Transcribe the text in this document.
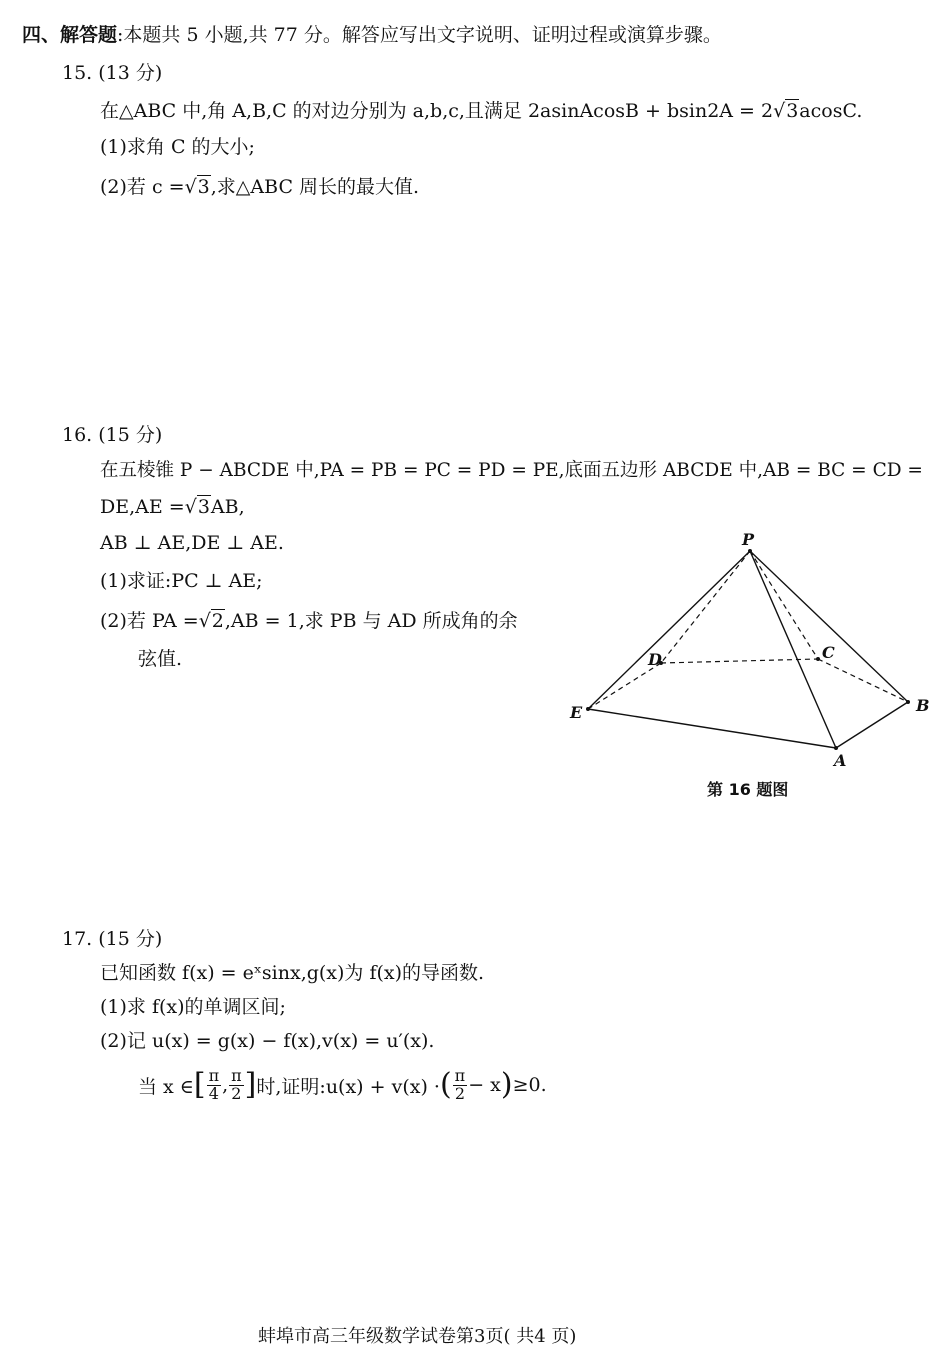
四、解答题:本题共 5 小题,共 77 分。解答应写出文字说明、证明过程或演算步骤。
15. (13 分)
在△ABC 中,角 A,B,C 的对边分别为 a,b,c,且满足 2asinAcosB + bsin2A = 2√3acosC.
(1)求角 C 的大小;
(2)若 c =√3,求△ABC 周长的最大值.
16. (15 分)
在五棱锥 P − ABCDE 中,PA = PB = PC = PD = PE,底面五边形 ABCDE 中,AB = BC = CD =
DE,AE =√3AB,
AB ⊥ AE,DE ⊥ AE.
(1)求证:PC ⊥ AE;
(2)若 PA =√2,AB = 1,求 PB 与 AD 所成角的余
弦值.
P
E
A
B
C
D
第 16 题图
17. (15 分)
已知函数 f(x) = eˣsinx,g(x)为 f(x)的导函数.
(1)求 f(x)的单调区间;
(2)记 u(x) = g(x) − f(x),v(x) = u′(x).
当 x ∈ [ $\frac{\pi}{4}$ , $\frac{\pi}{2}$ ] 时,证明:u(x) + v(x) · ( $\frac{\pi}{2} - x$ ) ≥0.
蚌埠市高三年级数学试卷第3页( 共4 页)
